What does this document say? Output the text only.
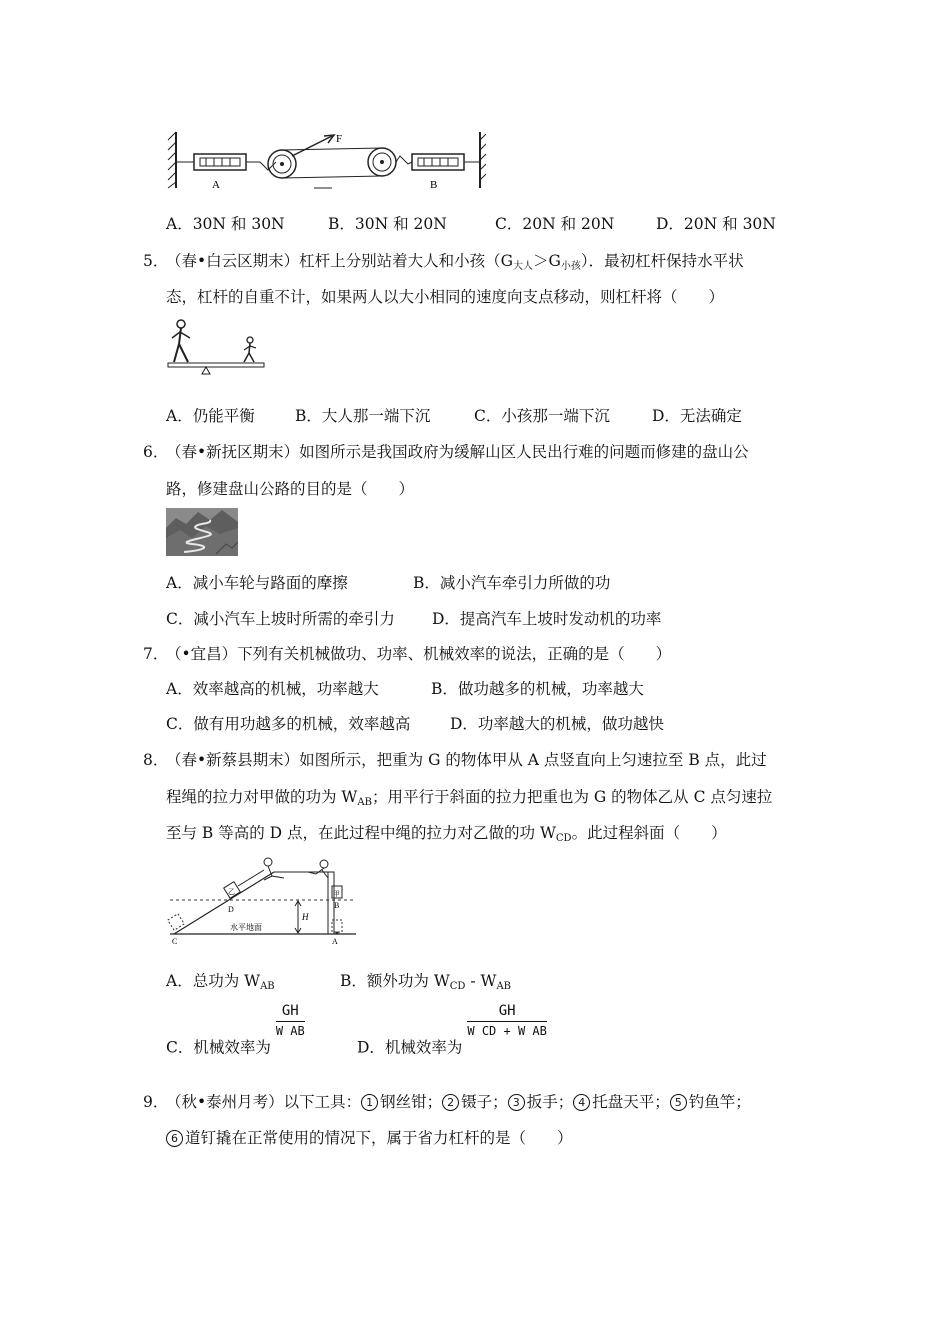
A
F
B
A．30N 和 30N	B．30N 和 20N	C．20N 和 20N	D．20N 和 30N
5．
（春•白云区期末）杠杆上分别站着大人和小孩$(G_{大人}>G_{小孩})$．最初杠杆保持水平状
态，杠杆的自重不计，如果两人以大小相同的速度向支点移动，则杠杆将（　　）
A．仍能平衡	B．大人那一端下沉	C．小孩那一端下沉	D．无法确定
6．
（春•新抚区期末）如图所示是我国政府为缓解山区人民出行难的问题而修建的盘山公
路，修建盘山公路的目的是（　　）
A．减小车轮与路面的摩擦	B．减小汽车牵引力所做的功
C．减小汽车上坡时所需的牵引力 D．提高汽车上坡时发动机的功率
7．
（•宜昌）下列有关机械做功、功率、机械效率的说法，正确的是（　　）
A．效率越高的机械，功率越大	B．做功越多的机械，功率越大
C．做有用功越多的机械，效率越高	D．功率越大的机械，做功越快
8．
（春•新蔡县期末）如图所示，把重为 G 的物体甲从 A 点竖直向上匀速拉至 B 点，此过
程绳的拉力对甲做的功为 $W_{AB}$；用平行于斜面的拉力把重也为 G 的物体乙从 C 点匀速拉
至与 B 等高的 D 点，在此过程中绳的拉力对乙做的功 $W_{CD}$。此过程斜面（　　）
水平地面
C
乙
D
甲
B
A
H
A．总功为 $W_{AB}$	B．额外功为 $W_{CD}$ ‑ $W_{AB}$
C．机械效率为
$\frac{GH}{\text{W AB}}$
D．机械效率为
$\frac{GH}{\text{W CD + W AB}}$
9．
（秋•泰州月考）以下工具： 1 钢丝钳； 2 镊子； 3 扳手； 4 托盘天平； 5 钓鱼竿；
6 道钉撬在正常使用的情况下，属于省力杠杆的是（　　）
